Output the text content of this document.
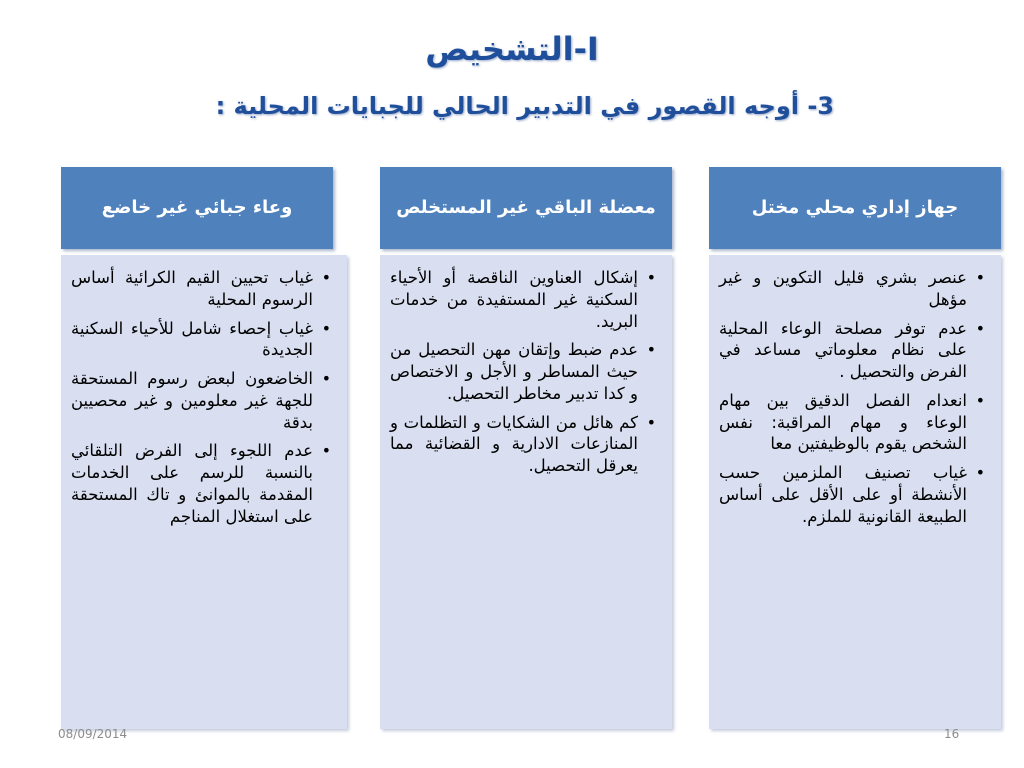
I-التشخيص
3- أوجه القصور في التدبير الحالي للجبايات المحلية :
جهاز إداري محلي مختل
معضلة الباقي غير المستخلص
وعاء جبائي غير خاضع
• عنصر بشري قليل التكوين و غير مؤهل
• عدم توفر مصلحة الوعاء المحلية على نظام معلوماتي مساعد في الفرض والتحصيل .
• انعدام الفصل الدقيق بين مهام الوعاء و مهام المراقبة: نفس الشخص يقوم بالوظيفتين معا
• غياب تصنيف الملزمين حسب الأنشطة أو على الأقل على أساس الطبيعة القانونية للملزم.
• إشكال العناوين الناقصة أو الأحياء السكنية غير المستفيدة من خدمات البريد.
• عدم ضبط وإتقان مهن التحصيل من حيث المساطر و الأجل و الاختصاص و كدا تدبير مخاطر التحصيل.
• كم هائل من الشكايات و التظلمات و المنازعات الادارية و القضائية مما يعرقل التحصيل.
• غياب تحيين القيم الكرائية أساس الرسوم المحلية
• غياب إحصاء شامل للأحياء السكنية الجديدة
• الخاضعون لبعض رسوم المستحقة للجهة غير معلومين و غير محصيين بدقة
• عدم اللجوء إلى الفرض التلقائي بالنسبة للرسم على الخدمات المقدمة بالموانئ و تاك المستحقة على استغلال المناجم
08/09/2014	16
